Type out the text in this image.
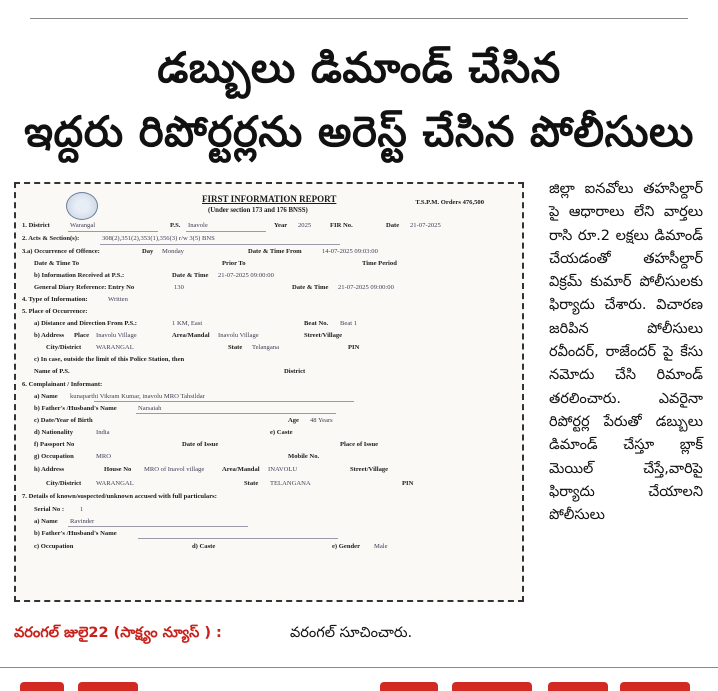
డబ్బులు డిమాండ్ చేసిన
ఇద్దరు రిపోర్టర్లను అరెస్ట్ చేసిన పోలీసులు
FIRST INFORMATION REPORT
(Under section 173 and 176 BNSS)
T.S.P.M. Orders 476,500
1. District	Warangal	P.S. Inavole	Year 2025	FIR No.	Date 21-07-2025
2. Acts & Section(s):	308(2),351(2),353(1),356(3) r/w 3(5) BNS
3.a) Occurrence of Offence:	Day Monday	Date & Time From	14-07-2025 09:03:00
Date & Time To	Prior To	Time Period
b) Information Received at P.S.:	Date & Time 21-07-2025 09:00:00
General Diary Reference: Entry No	130	Date & Time 21-07-2025 09:00:00
4. Type of Information:	Written
5. Place of Occurrence:
a) Distance and Direction From P.S.:	1 KM, East	Beat No. Beat 1
b) Address Place Inavolu Village	Area/Mandal Inavolu Village	Street/Village
City/District WARANGAL	State Telangana	PIN
c) In case, outside the limit of this Police Station, then
Name of P.S.	District
6. Complainant / Informant:
a) Name kunaparthi Vikram Kumar, inavolu MRO Tahsildar
b) Father's /Husband's Name	Narsaiah
c) Date/Year of Birth	Age 48 Years
d) Nationality	India	e) Caste
f) Passport No	Date of Issue	Place of Issue
g) Occupation	MRO	Mobile No.
h) Address	House No MRO of Inavol village	Area/Mandal INAVOLU	Street/Village
City/District WARANGAL	State TELANGANA	PIN
7. Details of known/suspected/unknown accused with full particulars:
Serial No : 1
a) Name Ravinder
b) Father's /Husband's Name
c) Occupation	d) Caste	e) Gender Male
జిల్లా ఐనవోలు తహసిల్దార్ పై ఆధారాలు లేని వార్తలు రాసి రూ.2 లక్షలు డిమాండ్ చేయడంతో తహసీల్దార్ విక్రమ్ కుమార్ పోలీసులకు ఫిర్యాదు చేశారు. విచారణ జరిపిన పోలీసులు రవీందర్, రాజేందర్ పై కేసు నమోదు చేసి రిమాండ్ తరలించారు. ఎవరైనా రిపోర్టర్ల పేరుతో డబ్బులు డిమాండ్ చేస్తూ బ్లాక్ మెయిల్ చేస్తే,వారిపై ఫిర్యాదు చేయాలని పోలీసులు
వరంగల్ జులై22 (సాక్ష్యం న్యూస్ ) :	వరంగల్ సూచించారు.
